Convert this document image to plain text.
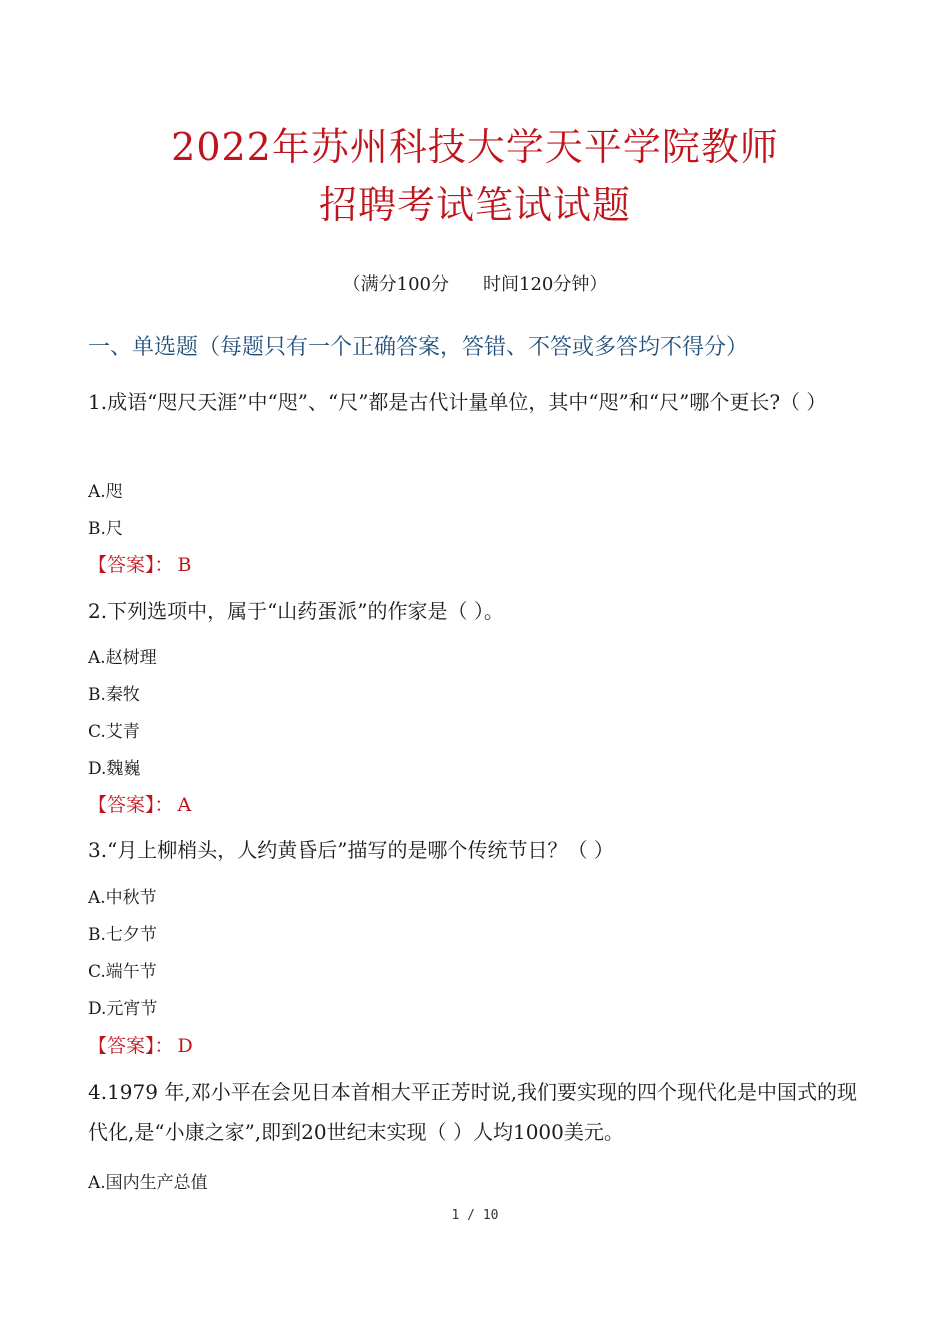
2022年苏州科技大学天平学院教师
招聘考试笔试试题
（满分100分 时间120分钟）
一、单选题（每题只有一个正确答案，答错、不答或多答均不得分）
1.成语“咫尺天涯”中“咫”、“尺”都是古代计量单位，其中“咫”和“尺”哪个更长?（ ）
A.咫
B.尺
【答案】： B
2.下列选项中，属于“山药蛋派”的作家是（ ）。
A.赵树理
B.秦牧
C.艾青
D.魏巍
【答案】： A
3.“月上柳梢头，人约黄昏后”描写的是哪个传统节日？（ ）
A.中秋节
B.七夕节
C.端午节
D.元宵节
【答案】： D
4.1979 年,邓小平在会见日本首相大平正芳时说,我们要实现的四个现代化是中国式的现代化,是“小康之家”,即到20世纪末实现（ ）人均1000美元。
A.国内生产总值
1 / 10
